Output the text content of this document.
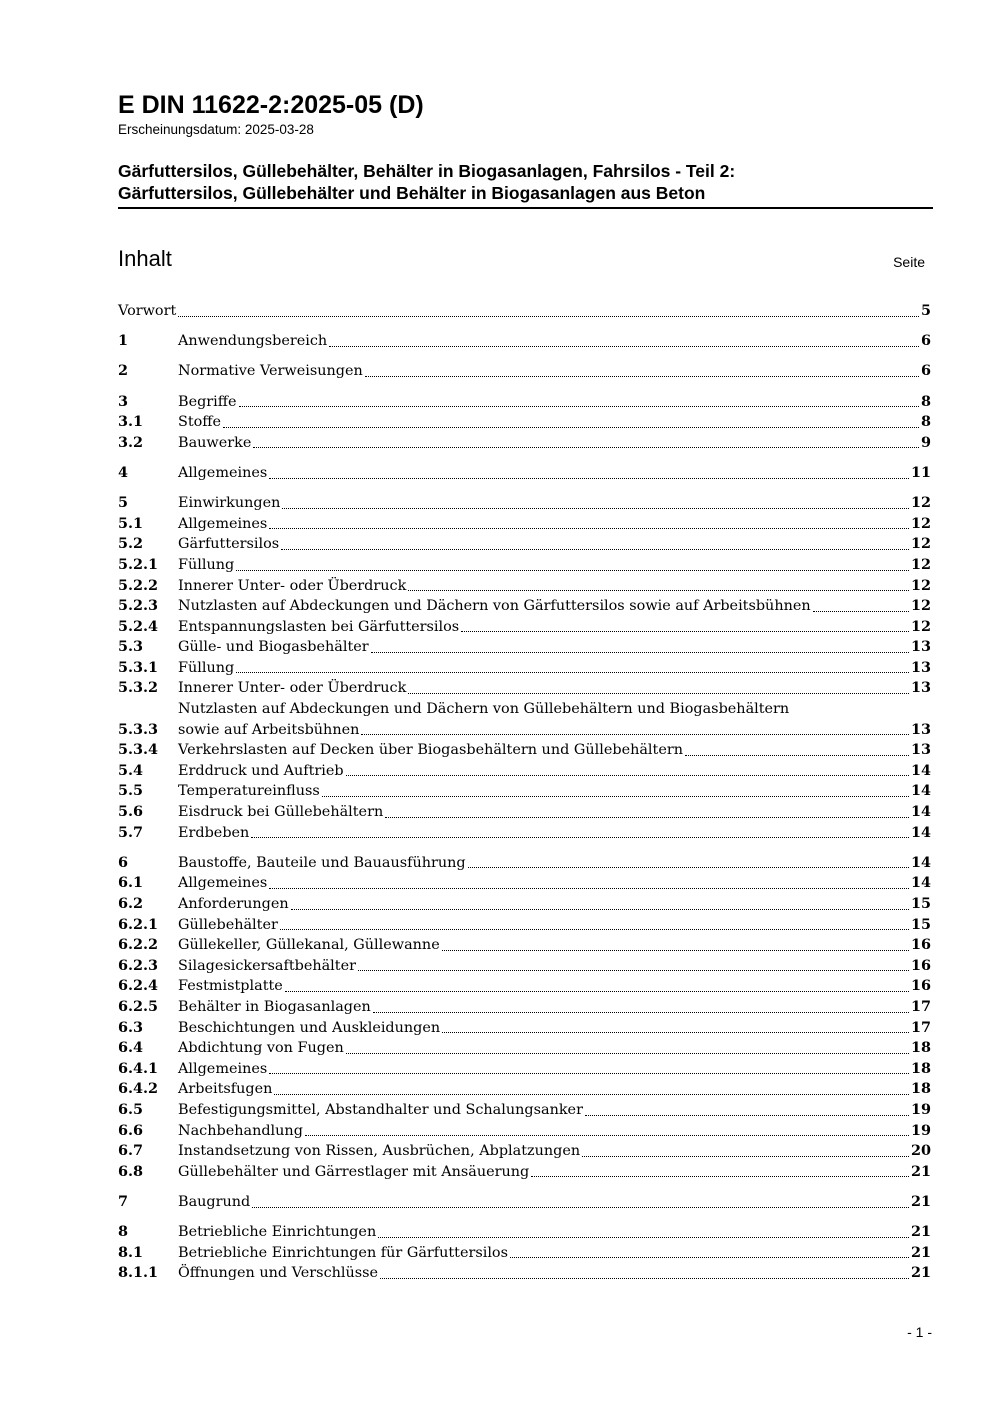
E DIN 11622-2:2025-05 (D)
Erscheinungsdatum: 2025-03-28
Gärfuttersilos, Güllebehälter, Behälter in Biogasanlagen, Fahrsilos - Teil 2:
Gärfuttersilos, Güllebehälter und Behälter in Biogasanlagen aus Beton
Inhalt	Seite
Vorwort	5
1	Anwendungsbereich	6
2	Normative Verweisungen	6
3	Begriffe	8
3.1	Stoffe	8
3.2	Bauwerke	9
4	Allgemeines	11
5	Einwirkungen	12
5.1	Allgemeines	12
5.2	Gärfuttersilos	12
5.2.1	Füllung	12
5.2.2	Innerer Unter- oder Überdruck	12
5.2.3	Nutzlasten auf Abdeckungen und Dächern von Gärfuttersilos sowie auf Arbeitsbühnen	12
5.2.4	Entspannungslasten bei Gärfuttersilos	12
5.3	Gülle- und Biogasbehälter	13
5.3.1	Füllung	13
5.3.2	Innerer Unter- oder Überdruck	13
5.3.3
Nutzlasten auf Abdeckungen und Dächern von Güllebehältern und Biogasbehältern
sowie auf Arbeitsbühnen	13
5.3.4	Verkehrslasten auf Decken über Biogasbehältern und Güllebehältern	13
5.4	Erddruck und Auftrieb	14
5.5	Temperatureinfluss	14
5.6	Eisdruck bei Güllebehältern	14
5.7	Erdbeben	14
6	Baustoffe, Bauteile und Bauausführung	14
6.1	Allgemeines	14
6.2	Anforderungen	15
6.2.1	Güllebehälter	15
6.2.2	Güllekeller, Güllekanal, Güllewanne	16
6.2.3	Silagesickersaftbehälter	16
6.2.4	Festmistplatte	16
6.2.5	Behälter in Biogasanlagen	17
6.3	Beschichtungen und Auskleidungen	17
6.4	Abdichtung von Fugen	18
6.4.1	Allgemeines	18
6.4.2	Arbeitsfugen	18
6.5	Befestigungsmittel, Abstandhalter und Schalungsanker	19
6.6	Nachbehandlung	19
6.7	Instandsetzung von Rissen, Ausbrüchen, Abplatzungen	20
6.8	Güllebehälter und Gärrestlager mit Ansäuerung	21
7	Baugrund	21
8	Betriebliche Einrichtungen	21
8.1	Betriebliche Einrichtungen für Gärfuttersilos	21
8.1.1	Öffnungen und Verschlüsse	21
- 1 -
